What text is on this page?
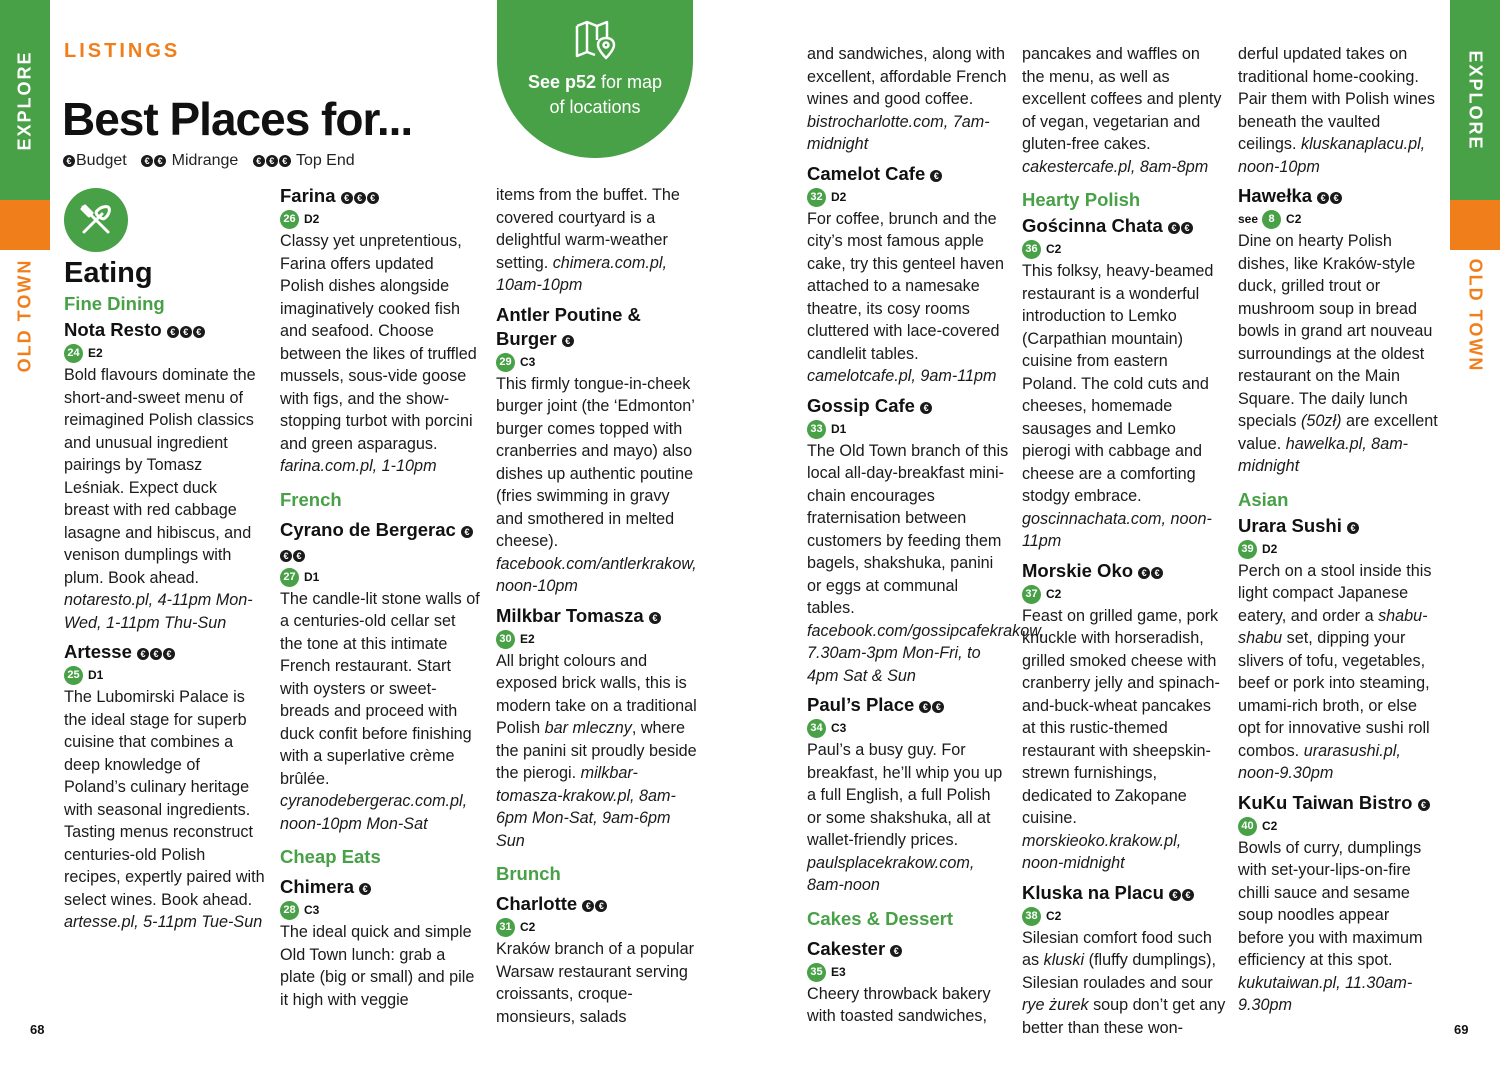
EXPLORE
OLD TOWN
LISTINGS
Best Places for...
€ Budget € € Midrange € € € Top End
See p52 for map
of locations
Eating
Fine Dining
Nota Resto € € €

24 E2

Bold flavours dominate the short-and-sweet menu of reimagined Polish classics and unusual ingredient pairings by Tomasz Leśniak. Expect duck breast with red cabbage lasagne and hibiscus, and venison dumplings with plum. Book ahead. notaresto.pl, 4-11pm Mon-Wed, 1-11pm Thu-Sun

Artesse € € €

25 D1

The Lubomirski Palace is the ideal stage for superb cuisine that combines a deep knowledge of Poland’s culinary heritage with seasonal ingredients. Tasting menus reconstruct centuries-old Polish recipes, expertly paired with select wines. Book ahead. artesse.pl, 5-11pm Tue-Sun

Farina € € €

26 D2

Classy yet unpretentious, Farina offers updated Polish dishes alongside imaginatively cooked fish and seafood. Choose between the likes of truffled mussels, sous-vide goose with figs, and the show-stopping turbot with porcini and green asparagus. farina.com.pl, 1-10pm

French
Cyrano de Bergerac €€ €

27 D1

The candle-lit stone walls of a centuries-old cellar set the tone at this intimate French restaurant. Start with oysters or sweet-breads and proceed with duck confit before finishing with a superlative crème brûlée. cyranodebergerac.com.pl, noon-10pm Mon-Sat

Cheap Eats
Chimera €

28 C3

The ideal quick and simple Old Town lunch: grab a plate (big or small) and pile it high with veggie

items from the buffet. The covered courtyard is a delightful warm-weather setting. chimera.com.pl, 10am-10pm

Antler Poutine & Burger €

29 C3

This firmly tongue-in-cheek burger joint (the ‘Edmonton’ burger comes topped with cranberries and mayo) also dishes up authentic poutine (fries swimming in gravy and smothered in melted cheese). facebook.com/antlerkrakow, noon-10pm

Milkbar Tomasza €

30 E2

All bright colours and exposed brick walls, this is modern take on a traditional Polish bar mleczny, where the panini sit proudly beside the pierogi. milkbar-tomasza-krakow.pl, 8am-6pm Mon-Sat, 9am-6pm Sun

Brunch
Charlotte € €

31 C2

Kraków branch of a popular Warsaw restaurant serving croissants, croque-monsieurs, salads

68
EXPLORE
OLD TOWN

and sandwiches, along with excellent, affordable French wines and good coffee. bistrocharlotte.com, 7am-midnight

Camelot Cafe €

32 D2

For coffee, brunch and the city’s most famous apple cake, try this genteel haven attached to a namesake theatre, its cosy rooms cluttered with lace-covered candlelit tables. camelotcafe.pl, 9am-11pm

Gossip Cafe €

33 D1

The Old Town branch of this local all-day-breakfast mini-chain encourages fraternisation between customers by feeding them bagels, shakshuka, panini or eggs at communal tables. facebook.com/gossipcafekrakow, 7.30am-3pm Mon-Fri, to 4pm Sat & Sun

Paul’s Place € €

34 C3

Paul’s a busy guy. For breakfast, he’ll whip you up a full English, a full Polish or some shakshuka, all at wallet-friendly prices. paulsplacekrakow.com, 8am-noon

Cakes & Dessert
Cakester €

35 E3

Cheery throwback bakery with toasted sandwiches,

pancakes and waffles on the menu, as well as excellent coffees and plenty of vegan, vegetarian and gluten-free cakes. cakestercafe.pl, 8am-8pm

Hearty Polish
Gościnna Chata € €

36 C2

This folksy, heavy-beamed restaurant is a wonderful introduction to Lemko (Carpathian mountain) cuisine from eastern Poland. The cold cuts and cheeses, homemade sausages and Lemko pierogi with cabbage and cheese are a comforting stodgy embrace. goscinnachata.com, noon-11pm

Morskie Oko € €

37 C2

Feast on grilled game, pork knuckle with horseradish, grilled smoked cheese with cranberry jelly and spinach-and-buck-wheat pancakes at this rustic-themed restaurant with sheepskin-strewn furnishings, dedicated to Zakopane cuisine. morskieoko.krakow.pl, noon-midnight

Kluska na Placu € €

38 C2

Silesian comfort food such as kluski (fluffy dumplings), Silesian roulades and sour rye żurek soup don’t get any better than these won-

derful updated takes on traditional home-cooking. Pair them with Polish wines beneath the vaulted ceilings. kluskanaplacu.pl, noon-10pm

Hawełka € €

see 8 C2

Dine on hearty Polish dishes, like Kraków-style duck, grilled trout or mushroom soup in bread bowls in grand art nouveau surroundings at the oldest restaurant on the Main Square. The daily lunch specials (50zł) are excellent value. hawelka.pl, 8am-midnight

Asian
Urara Sushi €

39 D2

Perch on a stool inside this light compact Japanese eatery, and order a shabu-shabu set, dipping your slivers of tofu, vegetables, beef or pork into steaming, umami-rich broth, or else opt for innovative sushi roll combos. urarasushi.pl, noon-9.30pm

KuKu Taiwan Bistro €

40 C2

Bowls of curry, dumplings with set-your-lips-on-fire chilli sauce and sesame soup noodles appear before you with maximum efficiency at this spot. kukutaiwan.pl, 11.30am-9.30pm

69
